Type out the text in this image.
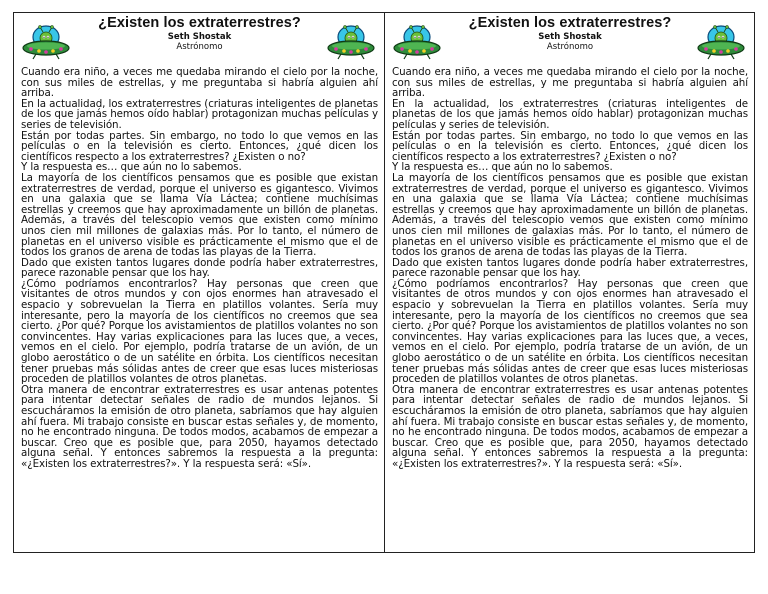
¿Existen los extraterrestres?
Seth Shostak
Astrónomo

Cuando era niño, a veces me quedaba mirando el cielo por la noche, con sus miles de estrellas, y me preguntaba si habría alguien ahí arriba.

En la actualidad, los extraterrestres (criaturas inteligentes de planetas de los que jamás hemos oído hablar) protagonizan muchas películas y series de televisión.

Están por todas partes. Sin embargo, no todo lo que vemos en las películas o en la televisión es cierto. Entonces, ¿qué dicen los científicos respecto a los extraterrestres? ¿Existen o no?

Y la respuesta es… que aún no lo sabemos.

La mayoría de los científicos pensamos que es posible que existan extraterrestres de verdad, porque el universo es gigantesco. Vivimos en una galaxia que se llama Vía Láctea; contiene muchísimas estrellas y creemos que hay aproximadamente un billón de planetas. Además, a través del telescopio vemos que existen como mínimo unos cien mil millones de galaxias más. Por lo tanto, el número de planetas en el universo visible es prácticamente el mismo que el de todos los granos de arena de todas las playas de la Tierra.

Dado que existen tantos lugares donde podría haber extraterrestres, parece razonable pensar que los hay.

¿Cómo podríamos encontrarlos? Hay personas que creen que visitantes de otros mundos y con ojos enormes han atravesado el espacio y sobrevuelan la Tierra en platillos volantes. Sería muy interesante, pero la mayoría de los científicos no creemos que sea cierto. ¿Por qué? Porque los avistamientos de platillos volantes no son convincentes. Hay varias explicaciones para las luces que, a veces, vemos en el cielo. Por ejemplo, podría tratarse de un avión, de un globo aerostático o de un satélite en órbita. Los científicos necesitan tener pruebas más sólidas antes de creer que esas luces misteriosas proceden de platillos volantes de otros planetas.

Otra manera de encontrar extraterrestres es usar antenas potentes para intentar detectar señales de radio de mundos lejanos. Si escucháramos la emisión de otro planeta, sabríamos que hay alguien ahí fuera. Mi trabajo consiste en buscar estas señales y, de momento, no he encontrado ninguna. De todos modos, acabamos de empezar a buscar. Creo que es posible que, para 2050, hayamos detectado alguna señal. Y entonces sabremos la respuesta a la pregunta: «¿Existen los extraterrestres?». Y la respuesta será: «Sí».

¿Existen los extraterrestres?
Seth Shostak
Astrónomo

Cuando era niño, a veces me quedaba mirando el cielo por la noche, con sus miles de estrellas, y me preguntaba si habría alguien ahí arriba.

En la actualidad, los extraterrestres (criaturas inteligentes de planetas de los que jamás hemos oído hablar) protagonizan muchas películas y series de televisión.

Están por todas partes. Sin embargo, no todo lo que vemos en las películas o en la televisión es cierto. Entonces, ¿qué dicen los científicos respecto a los extraterrestres? ¿Existen o no?

Y la respuesta es… que aún no lo sabemos.

La mayoría de los científicos pensamos que es posible que existan extraterrestres de verdad, porque el universo es gigantesco. Vivimos en una galaxia que se llama Vía Láctea; contiene muchísimas estrellas y creemos que hay aproximadamente un billón de planetas. Además, a través del telescopio vemos que existen como mínimo unos cien mil millones de galaxias más. Por lo tanto, el número de planetas en el universo visible es prácticamente el mismo que el de todos los granos de arena de todas las playas de la Tierra.

Dado que existen tantos lugares donde podría haber extraterrestres, parece razonable pensar que los hay.

¿Cómo podríamos encontrarlos? Hay personas que creen que visitantes de otros mundos y con ojos enormes han atravesado el espacio y sobrevuelan la Tierra en platillos volantes. Sería muy interesante, pero la mayoría de los científicos no creemos que sea cierto. ¿Por qué? Porque los avistamientos de platillos volantes no son convincentes. Hay varias explicaciones para las luces que, a veces, vemos en el cielo. Por ejemplo, podría tratarse de un avión, de un globo aerostático o de un satélite en órbita. Los científicos necesitan tener pruebas más sólidas antes de creer que esas luces misteriosas proceden de platillos volantes de otros planetas.

Otra manera de encontrar extraterrestres es usar antenas potentes para intentar detectar señales de radio de mundos lejanos. Si escucháramos la emisión de otro planeta, sabríamos que hay alguien ahí fuera. Mi trabajo consiste en buscar estas señales y, de momento, no he encontrado ninguna. De todos modos, acabamos de empezar a buscar. Creo que es posible que, para 2050, hayamos detectado alguna señal. Y entonces sabremos la respuesta a la pregunta: «¿Existen los extraterrestres?». Y la respuesta será: «Sí».
